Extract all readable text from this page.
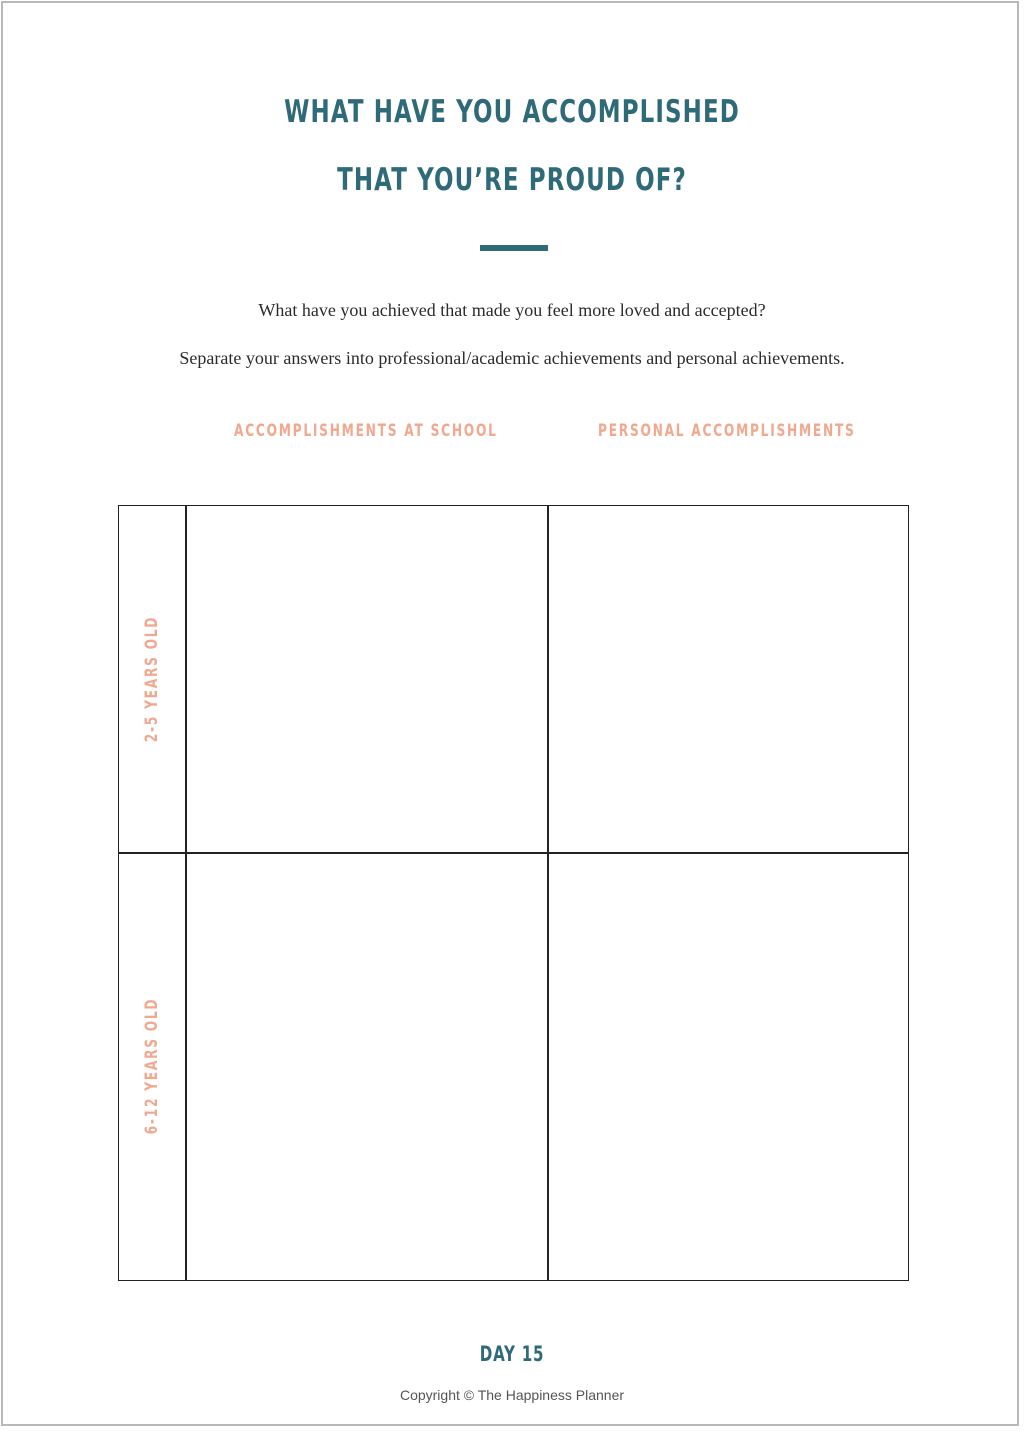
WHAT HAVE YOU ACCOMPLISHED
THAT YOU’RE PROUD OF?
What have you achieved that made you feel more loved and accepted?
Separate your answers into professional/academic achievements and personal achievements.
ACCOMPLISHMENTS AT SCHOOL	PERSONAL ACCOMPLISHMENTS
2-5 YEARS OLD
6-12 YEARS OLD
DAY 15
Copyright © The Happiness Planner
